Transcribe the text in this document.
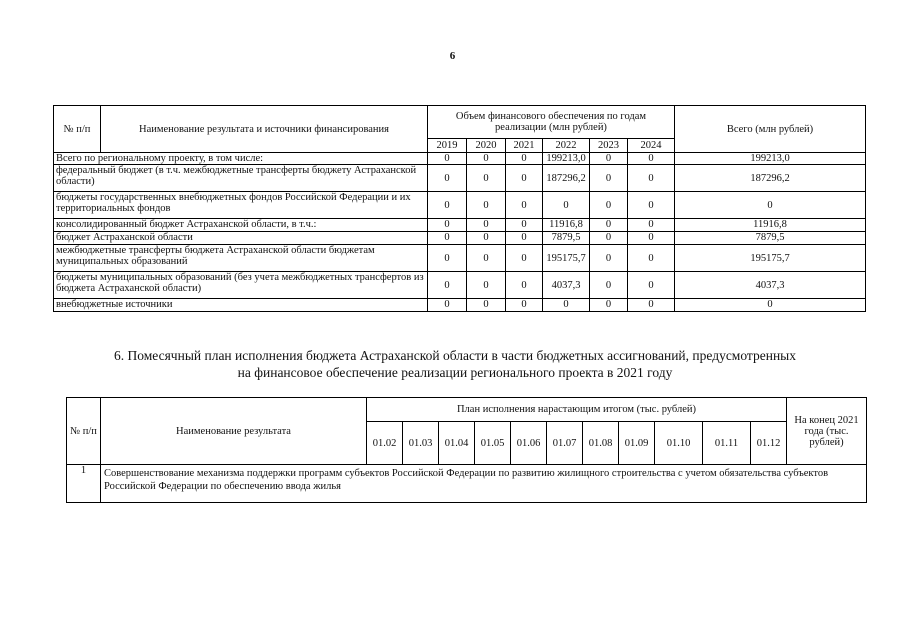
6
№ п/п	Наименование результата и источники финансирования	Объем финансового обеспечения по годам реализации (млн рублей)						Всего (млн рублей)
		2019	2020	2021	2022	2023	2024	
Всего по региональному проекту, в том числе:		0	0	0	199213,0	0	0	199213,0
федеральный бюджет (в т.ч. межбюджетные трансферты бюджету Астраханской области)		0	0	0	187296,2	0	0	187296,2
бюджеты государственных внебюджетных фондов Российской Федерации и их территориальных фондов		0	0	0	0	0	0	0
консолидированный бюджет Астраханской области, в т.ч.:		0	0	0	11916,8	0	0	11916,8
бюджет Астраханской области		0	0	0	7879,5	0	0	7879,5
межбюджетные трансферты бюджета Астраханской области бюджетам муниципальных образований		0	0	0	195175,7	0	0	195175,7
бюджеты муниципальных образований (без учета межбюджетных трансфертов из бюджета Астраханской области)		0	0	0	4037,3	0	0	4037,3
внебюджетные источники		0	0	0	0	0	0	0
6. Помесячный план исполнения бюджета Астраханской области в части бюджетных ассигнований, предусмотренных
на финансовое обеспечение реализации регионального проекта в 2021 году
№ п/п	Наименование результата	План исполнения нарастающим итогом (тыс. рублей)											На конец 2021 года (тыс. рублей)
		01.02	01.03	01.04	01.05	01.06	01.07	01.08	01.09	01.10	01.11	01.12	
1	Совершенствование механизма поддержки программ субъектов Российской Федерации по развитию жилищного строительства с учетом обязательства субъектов Российской Федерации по обеспечению ввода жилья												
